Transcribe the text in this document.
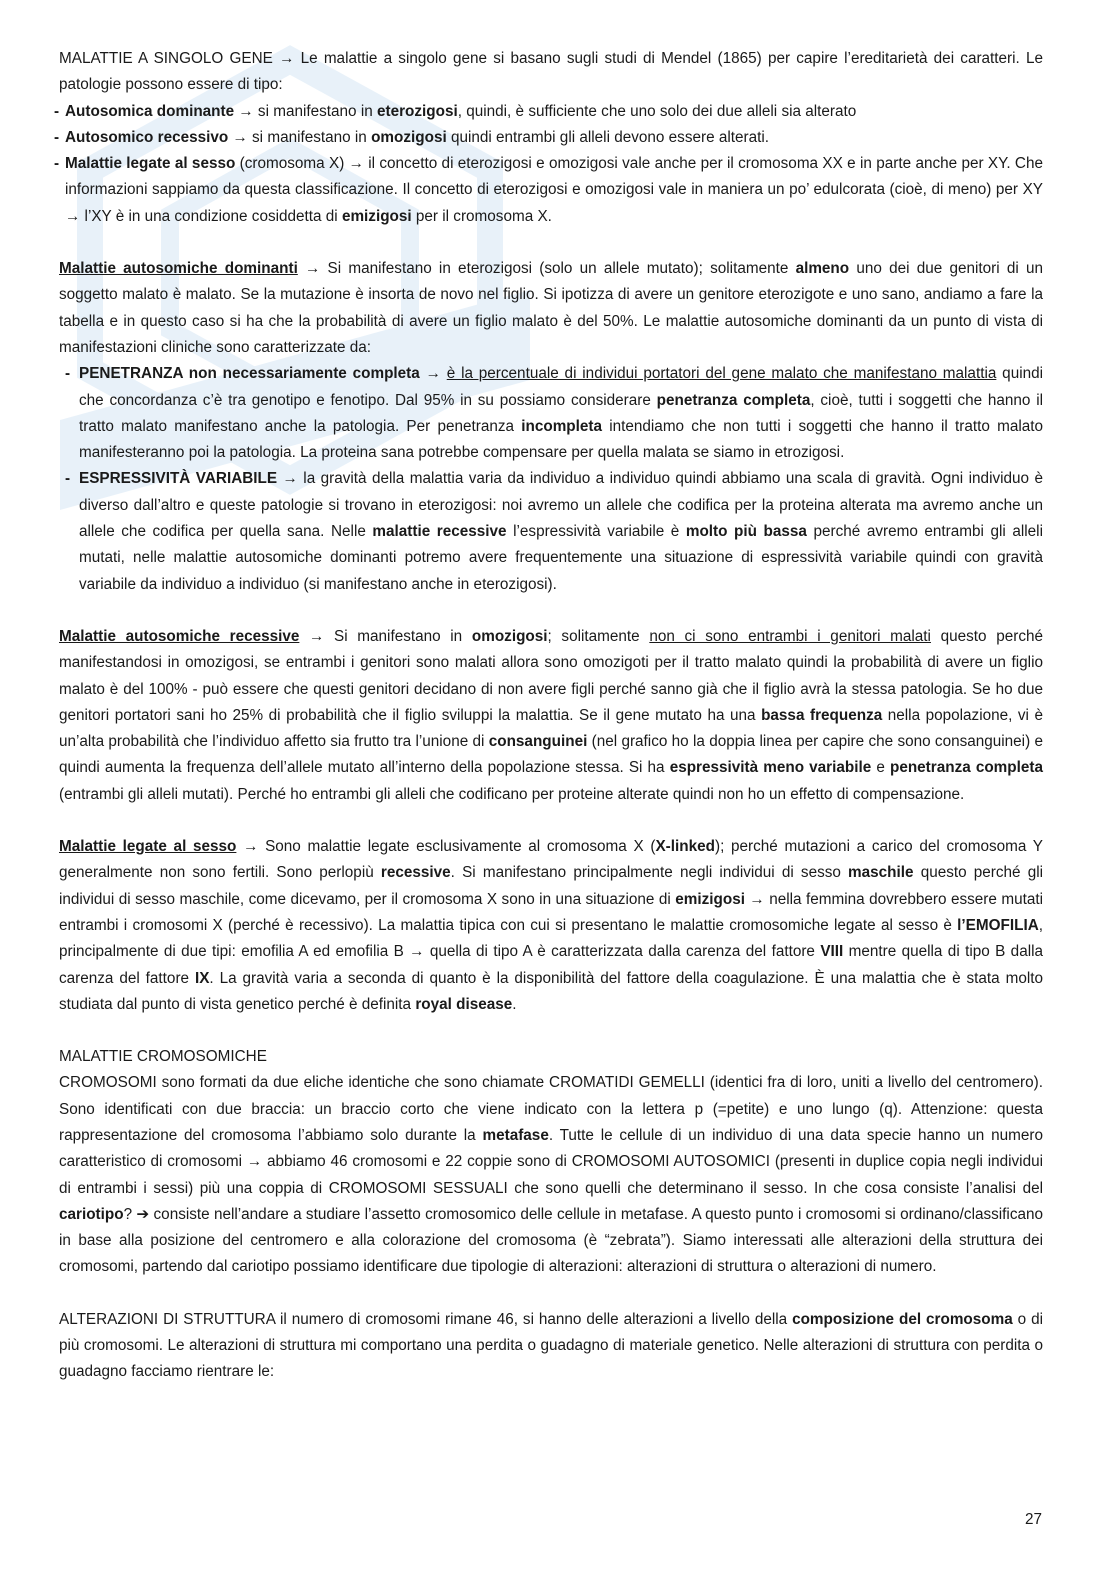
MALATTIE A SINGOLO GENE → Le malattie a singolo gene si basano sugli studi di Mendel (1865) per capire l’ereditarietà dei caratteri. Le patologie possono essere di tipo:

- Autosomica dominante → si manifestano in eterozigosi, quindi, è sufficiente che uno solo dei due alleli sia alterato
- Autosomico recessivo → si manifestano in omozigosi quindi entrambi gli alleli devono essere alterati.
- Malattie legate al sesso (cromosoma X) → il concetto di eterozigosi e omozigosi vale anche per il cromosoma XX e in parte anche per XY. Che informazioni sappiamo da questa classificazione. Il concetto di eterozigosi e omozigosi vale in maniera un po’ edulcorata (cioè, di meno) per XY → l’XY è in una condizione cosiddetta di emizigosi per il cromosoma X.

Malattie autosomiche dominanti → Si manifestano in eterozigosi (solo un allele mutato); solitamente almeno uno dei due genitori di un soggetto malato è malato. Se la mutazione è insorta de novo nel figlio. Si ipotizza di avere un genitore eterozigote e uno sano, andiamo a fare la tabella e in questo caso si ha che la probabilità di avere un figlio malato è del 50%. Le malattie autosomiche dominanti da un punto di vista di manifestazioni cliniche sono caratterizzate da:

- PENETRANZA non necessariamente completa → è la percentuale di individui portatori del gene malato che manifestano malattia quindi che concordanza c’è tra genotipo e fenotipo. Dal 95% in su possiamo considerare penetranza completa, cioè, tutti i soggetti che hanno il tratto malato manifestano anche la patologia. Per penetranza incompleta intendiamo che non tutti i soggetti che hanno il tratto malato manifesteranno poi la patologia. La proteina sana potrebbe compensare per quella malata se siamo in etrozigosi.
- ESPRESSIVITÀ VARIABILE → la gravità della malattia varia da individuo a individuo quindi abbiamo una scala di gravità. Ogni individuo è diverso dall’altro e queste patologie si trovano in eterozigosi: noi avremo un allele che codifica per la proteina alterata ma avremo anche un allele che codifica per quella sana. Nelle malattie recessive l’espressività variabile è molto più bassa perché avremo entrambi gli alleli mutati, nelle malattie autosomiche dominanti potremo avere frequentemente una situazione di espressività variabile quindi con gravità variabile da individuo a individuo (si manifestano anche in eterozigosi).

Malattie autosomiche recessive → Si manifestano in omozigosi; solitamente non ci sono entrambi i genitori malati questo perché manifestandosi in omozigosi, se entrambi i genitori sono malati allora sono omozigoti per il tratto malato quindi la probabilità di avere un figlio malato è del 100% - può essere che questi genitori decidano di non avere figli perché sanno già che il figlio avrà la stessa patologia. Se ho due genitori portatori sani ho 25% di probabilità che il figlio sviluppi la malattia. Se il gene mutato ha una bassa frequenza nella popolazione, vi è un’alta probabilità che l’individuo affetto sia frutto tra l’unione di consanguinei (nel grafico ho la doppia linea per capire che sono consanguinei) e quindi aumenta la frequenza dell’allele mutato all’interno della popolazione stessa. Si ha espressività meno variabile e penetranza completa (entrambi gli alleli mutati). Perché ho entrambi gli alleli che codificano per proteine alterate quindi non ho un effetto di compensazione.

Malattie legate al sesso → Sono malattie legate esclusivamente al cromosoma X (X-linked); perché mutazioni a carico del cromosoma Y generalmente non sono fertili. Sono perlopiù recessive. Si manifestano principalmente negli individui di sesso maschile questo perché gli individui di sesso maschile, come dicevamo, per il cromosoma X sono in una situazione di emizigosi → nella femmina dovrebbero essere mutati entrambi i cromosomi X (perché è recessivo). La malattia tipica con cui si presentano le malattie cromosomiche legate al sesso è l’EMOFILIA, principalmente di due tipi: emofilia A ed emofilia B → quella di tipo A è caratterizzata dalla carenza del fattore VIII mentre quella di tipo B dalla carenza del fattore IX. La gravità varia a seconda di quanto è la disponibilità del fattore della coagulazione. È una malattia che è stata molto studiata dal punto di vista genetico perché è definita royal disease.

MALATTIE CROMOSOMICHE

CROMOSOMI sono formati da due eliche identiche che sono chiamate CROMATIDI GEMELLI (identici fra di loro, uniti a livello del centromero). Sono identificati con due braccia: un braccio corto che viene indicato con la lettera p (=petite) e uno lungo (q). Attenzione: questa rappresentazione del cromosoma l’abbiamo solo durante la metafase. Tutte le cellule di un individuo di una data specie hanno un numero caratteristico di cromosomi → abbiamo 46 cromosomi e 22 coppie sono di CROMOSOMI AUTOSOMICI (presenti in duplice copia negli individui di entrambi i sessi) più una coppia di CROMOSOMI SESSUALI che sono quelli che determinano il sesso. In che cosa consiste l’analisi del cariotipo? ➔ consiste nell’andare a studiare l’assetto cromosomico delle cellule in metafase. A questo punto i cromosomi si ordinano/classificano in base alla posizione del centromero e alla colorazione del cromosoma (è “zebrata”). Siamo interessati alle alterazioni della struttura dei cromosomi, partendo dal cariotipo possiamo identificare due tipologie di alterazioni: alterazioni di struttura o alterazioni di numero.

ALTERAZIONI DI STRUTTURA il numero di cromosomi rimane 46, si hanno delle alterazioni a livello della composizione del cromosoma o di più cromosomi. Le alterazioni di struttura mi comportano una perdita o guadagno di materiale genetico. Nelle alterazioni di struttura con perdita o guadagno facciamo rientrare le:

27
